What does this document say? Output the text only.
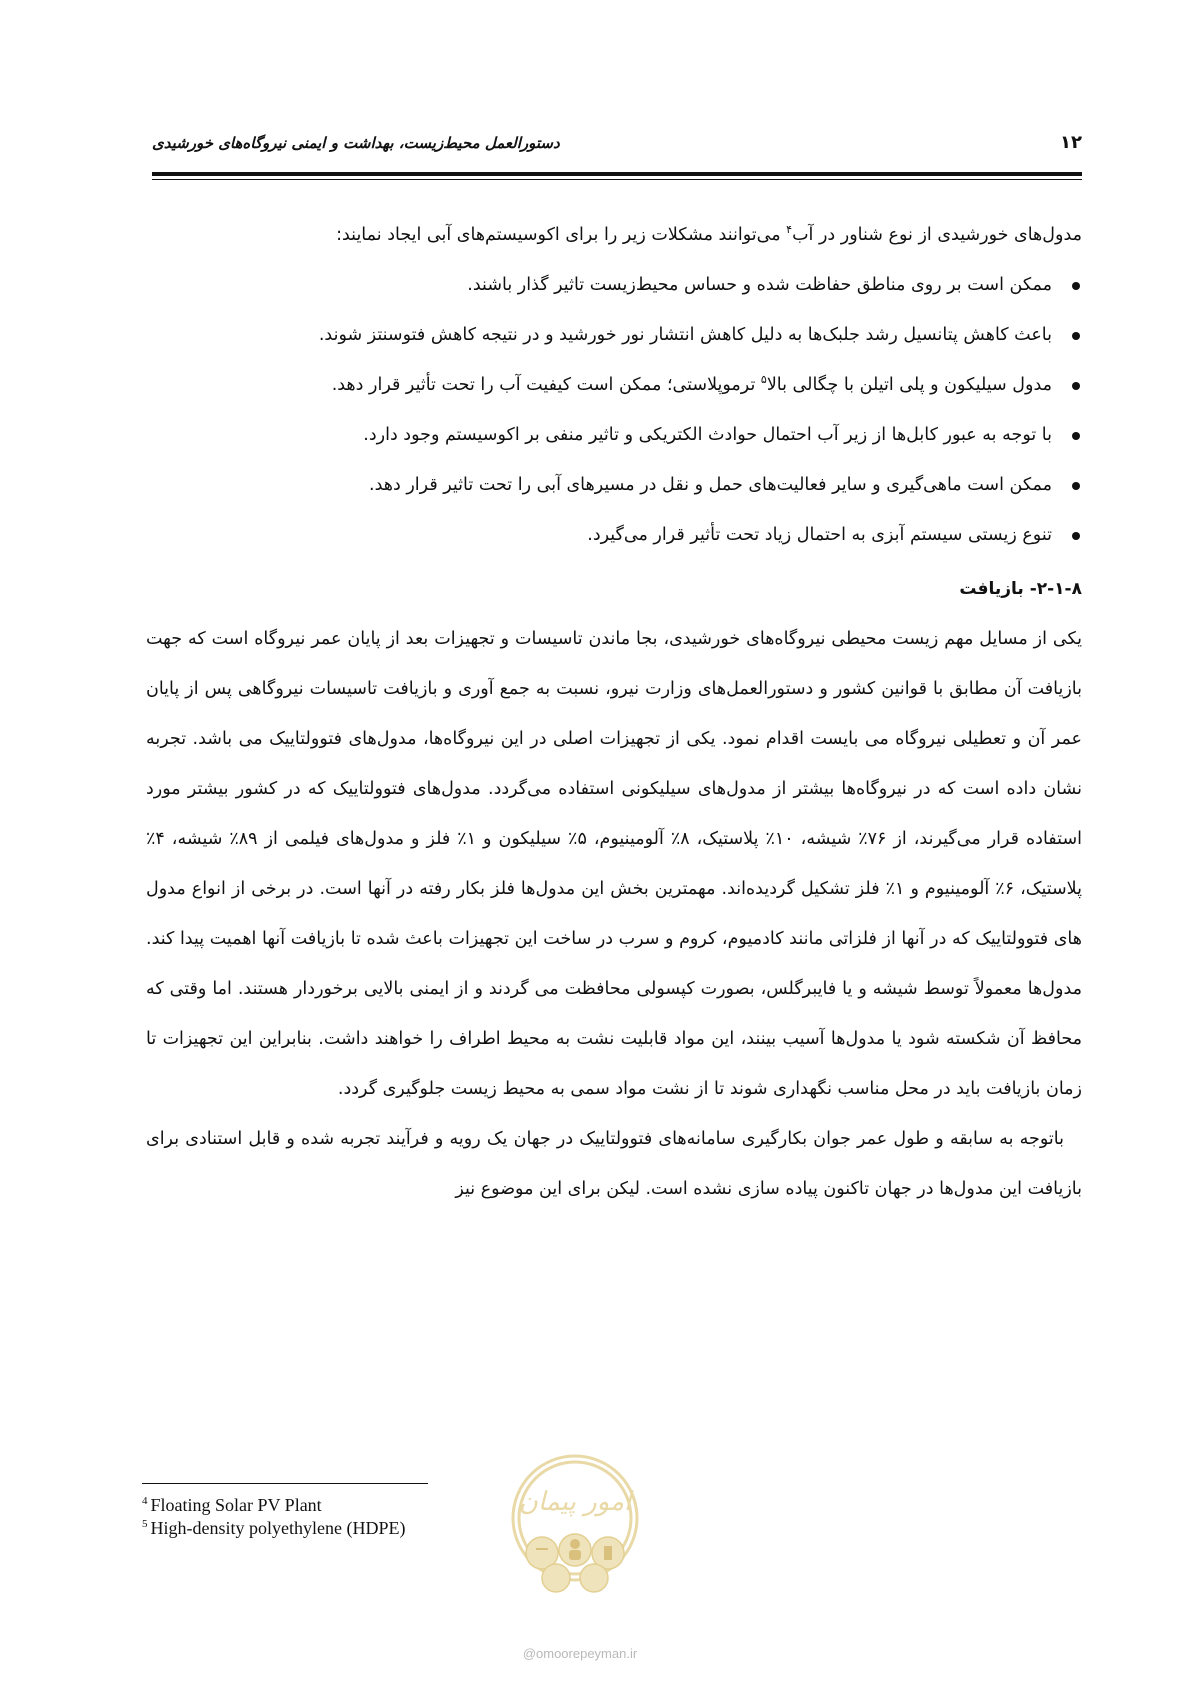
۱۲
دستورالعمل محیط‌زیست، بهداشت و ایمنی نیروگاه‌های خورشیدی

مدول‌های خورشیدی از نوع شناور در آب$^۴$ می‌توانند مشکلات زیر را برای اکوسیستم‌های آبی ایجاد نمایند:

ممکن است بر روی مناطق حفاظت شده و حساس محیط‌زیست تاثیر گذار باشند.
باعث کاهش پتانسیل رشد جلبک‌ها به دلیل کاهش انتشار نور خورشید و در نتیجه کاهش فتوسنتز شوند.
مدول سیلیکون و پلی اتیلن با چگالی بالا$^۵$ ترموپلاستی؛ ممکن است کیفیت آب را تحت تأثیر قرار دهد.
با توجه به عبور کابل‌ها از زیر آب احتمال حوادث الکتریکی و تاثیر منفی بر اکوسیستم وجود دارد.
ممکن است ماهی‌گیری و سایر فعالیت‌های حمل و نقل در مسیرهای آبی را تحت تاثیر قرار دهد.
تنوع زیستی سیستم آبزی به احتمال زیاد تحت تأثیر قرار می‌گیرد.

۲-۱-۸- بازیافت

یکی از مسایل مهم زیست محیطی نیروگاه‌های خورشیدی، بجا ماندن تاسیسات و تجهیزات بعد از پایان عمر نیروگاه است که جهت بازیافت آن مطابق با قوانین کشور و دستورالعمل‌های وزارت نیرو، نسبت به جمع آوری و بازیافت تاسیسات نیروگاهی پس از پایان عمر آن و تعطیلی نیروگاه می بایست اقدام نمود. یکی از تجهیزات اصلی در این نیروگاه‌ها، مدول‌های فتوولتاییک می باشد. تجربه نشان داده است که در نیروگاه‌ها بیشتر از مدول‌های سیلیکونی استفاده می‌گردد. مدول‌های فتوولتاییک که در کشور بیشتر مورد استفاده قرار می‌گیرند، از ۷۶٪ شیشه، ۱۰٪ پلاستیک، ۸٪ آلومینیوم، ۵٪ سیلیکون و ۱٪ فلز و مدول‌های فیلمی از ۸۹٪ شیشه، ۴٪ پلاستیک، ۶٪ آلومینیوم و ۱٪ فلز تشکیل گردیده‌اند. مهمترین بخش این مدول‌ها فلز بکار رفته در آنها است. در برخی از انواع مدول های فتوولتاییک که در آنها از فلزاتی مانند کادمیوم، کروم و سرب در ساخت این تجهیزات باعث شده تا بازیافت آنها اهمیت پیدا کند. مدول‌ها معمولاً توسط شیشه و یا فایبرگلس، بصورت کپسولی محافظت می گردند و از ایمنی بالایی برخوردار هستند. اما وقتی که محافظ آن شکسته شود یا مدول‌ها آسیب بینند، این مواد قابلیت نشت به محیط اطراف را خواهند داشت. بنابراین این تجهیزات تا زمان بازیافت باید در محل مناسب نگهداری شوند تا از نشت مواد سمی به محیط زیست جلوگیری گردد.

باتوجه به سابقه و طول عمر جوان بکارگیری سامانه‌های فتوولتاییک در جهان یک رویه و فرآیند تجربه شده و قابل استنادی برای بازیافت این مدول‌ها در جهان تاکنون پیاده سازی نشده است. لیکن برای این موضوع نیز

$^4$ Floating Solar PV Plant
$^5$ High-density polyethylene (HDPE)
امور پیمان
@omoorepeyman.ir
